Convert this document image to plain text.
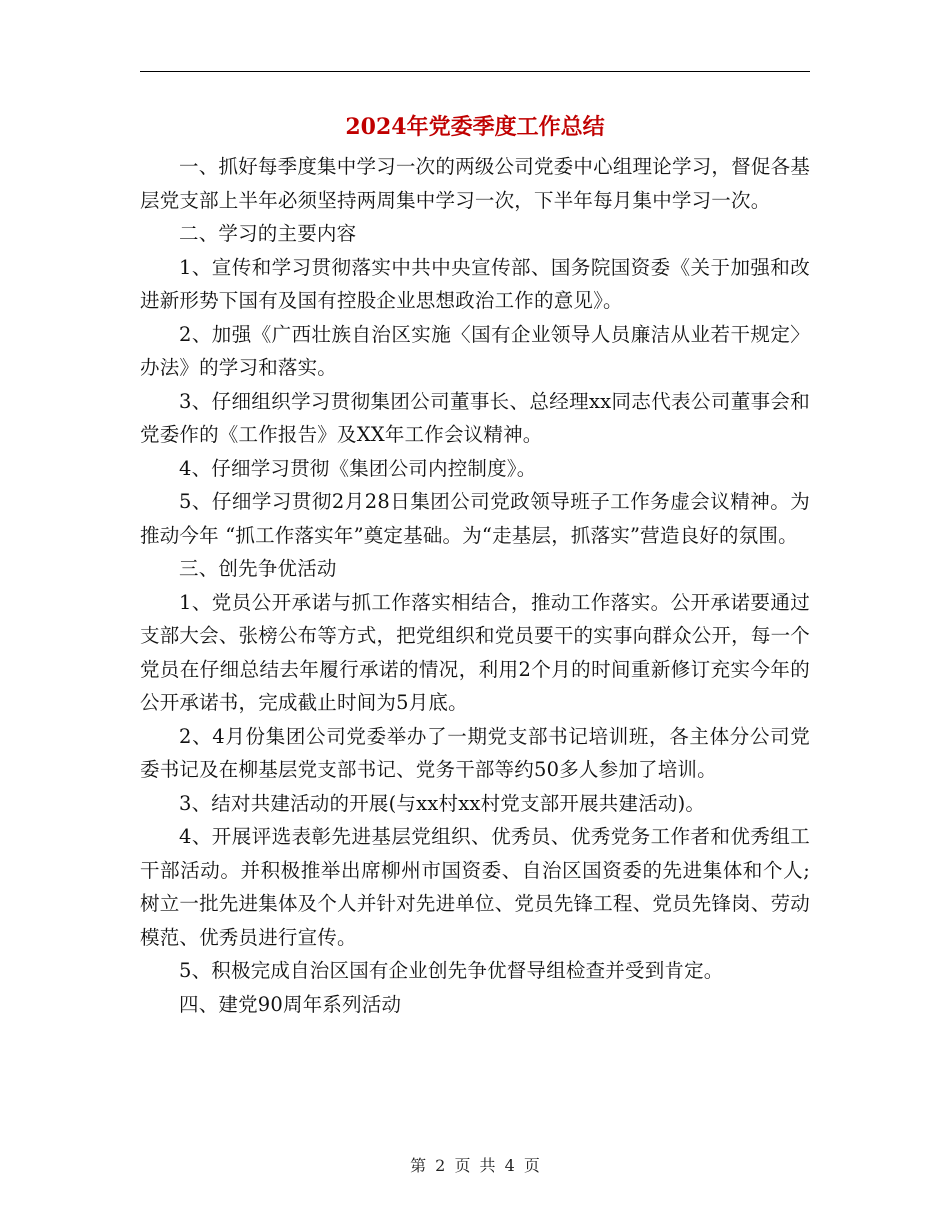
2024年党委季度工作总结

一、抓好每季度集中学习一次的两级公司党委中心组理论学习，督促各基层党支部上半年必须坚持两周集中学习一次，下半年每月集中学习一次。

二、学习的主要内容

1、宣传和学习贯彻落实中共中央宣传部、国务院国资委《关于加强和改进新形势下国有及国有控股企业思想政治工作的意见》。

2、加强《广西壮族自治区实施〈国有企业领导人员廉洁从业若干规定〉办法》的学习和落实。

3、仔细组织学习贯彻集团公司董事长、总经理xx同志代表公司董事会和党委作的《工作报告》及XX年工作会议精神。

4、仔细学习贯彻《集团公司内控制度》。

5、仔细学习贯彻2月28日集团公司党政领导班子工作务虚会议精神。为推动今年 “抓工作落实年”奠定基础。为“走基层，抓落实”营造良好的氛围。

三、创先争优活动

1、党员公开承诺与抓工作落实相结合，推动工作落实。公开承诺要通过支部大会、张榜公布等方式，把党组织和党员要干的实事向群众公开，每一个党员在仔细总结去年履行承诺的情况，利用2个月的时间重新修订充实今年的公开承诺书，完成截止时间为5月底。

2、4月份集团公司党委举办了一期党支部书记培训班，各主体分公司党委书记及在柳基层党支部书记、党务干部等约50多人参加了培训。

3、结对共建活动的开展(与xx村xx村党支部开展共建活动)。

4、开展评选表彰先进基层党组织、优秀员、优秀党务工作者和优秀组工干部活动。并积极推举出席柳州市国资委、自治区国资委的先进集体和个人;树立一批先进集体及个人并针对先进单位、党员先锋工程、党员先锋岗、劳动模范、优秀员进行宣传。

5、积极完成自治区国有企业创先争优督导组检查并受到肯定。

四、建党90周年系列活动

第 2 页 共 4 页
